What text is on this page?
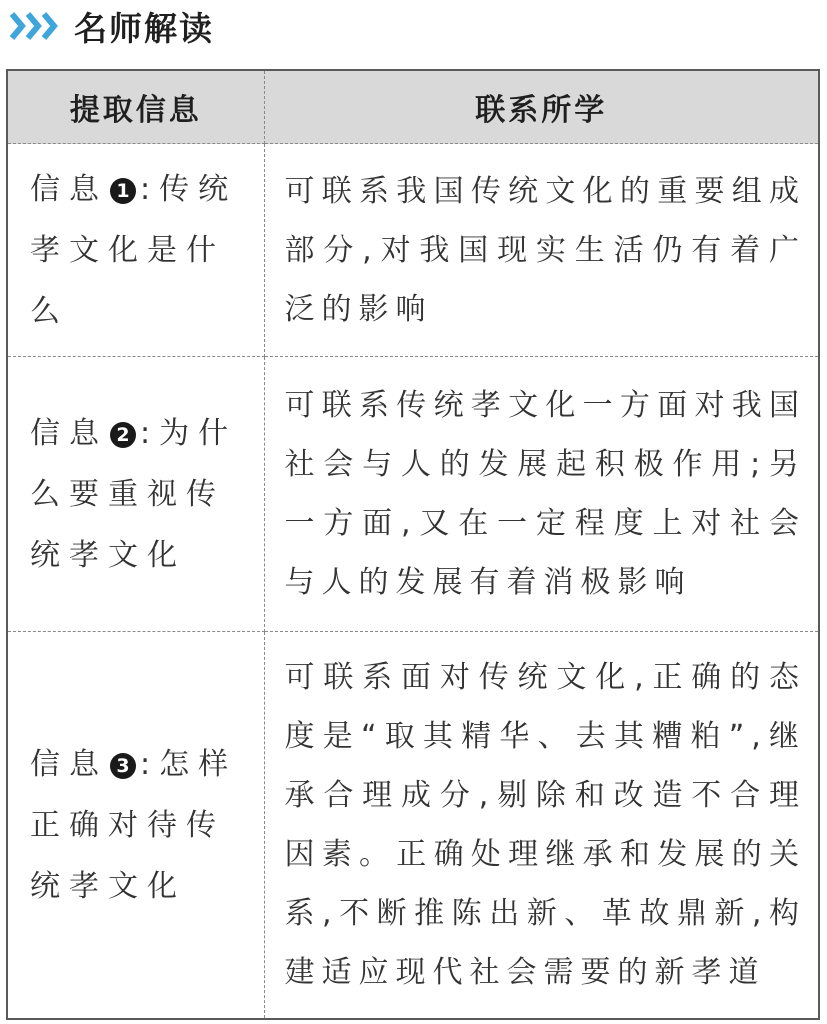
名师解读
提取信息	联系所学
信息 1 :传统孝文化是什么	可联系我国传统文化的重要组成部分,对我国现实生活仍有着广泛的影响
信息 2 :为什么要重视传统孝文化	可联系传统孝文化一方面对我国社会与人的发展起积极作用;另一方面,又在一定程度上对社会与人的发展有着消极影响
信息 3 :怎样正确对待传统孝文化	可联系面对传统文化,正确的态度是“取其精华、去其糟粕”,继承合理成分,剔除和改造不合理因素。正确处理继承和发展的关系,不断推陈出新、革故鼎新,构建适应现代社会需要的新孝道
